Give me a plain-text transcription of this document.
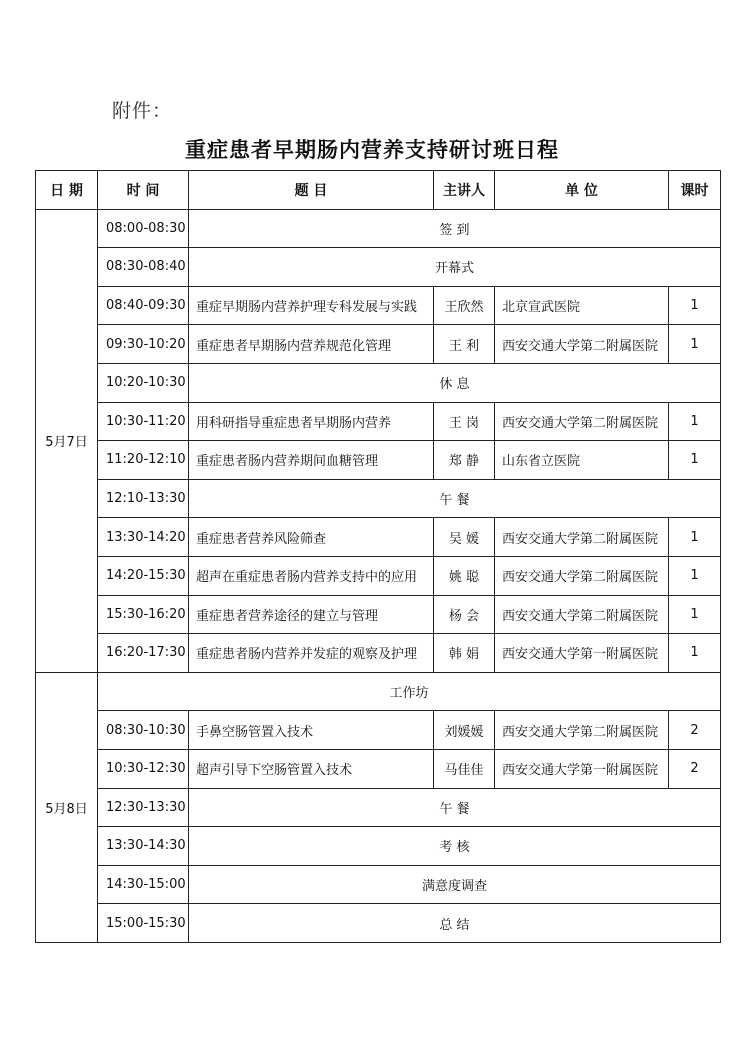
附件：
重症患者早期肠内营养支持研讨班日程
日 期	时 间	题 目	主讲人	单 位	课时
5月7日	08:00-08:30	签 到			
	08:30-08:40	开幕式			
	08:40-09:30	重症早期肠内营养护理专科发展与实践	王欣然	北京宣武医院	1
	09:30-10:20	重症患者早期肠内营养规范化管理	王 利	西安交通大学第二附属医院	1
	10:20-10:30	休 息			
	10:30-11:20	用科研指导重症患者早期肠内营养	王 岗	西安交通大学第二附属医院	1
	11:20-12:10	重症患者肠内营养期间血糖管理	郑 静	山东省立医院	1
	12:10-13:30	午 餐			
	13:30-14:20	重症患者营养风险筛查	吴 媛	西安交通大学第二附属医院	1
	14:20-15:30	超声在重症患者肠内营养支持中的应用	姚 聪	西安交通大学第二附属医院	1
	15:30-16:20	重症患者营养途径的建立与管理	杨 会	西安交通大学第二附属医院	1
	16:20-17:30	重症患者肠内营养并发症的观察及护理	韩 娟	西安交通大学第一附属医院	1
5月8日	工作坊				
	08:30-10:30	手鼻空肠管置入技术	刘媛媛	西安交通大学第二附属医院	2
	10:30-12:30	超声引导下空肠管置入技术	马佳佳	西安交通大学第一附属医院	2
	12:30-13:30	午 餐			
	13:30-14:30	考 核			
	14:30-15:00	满意度调查			
	15:00-15:30	总 结			
